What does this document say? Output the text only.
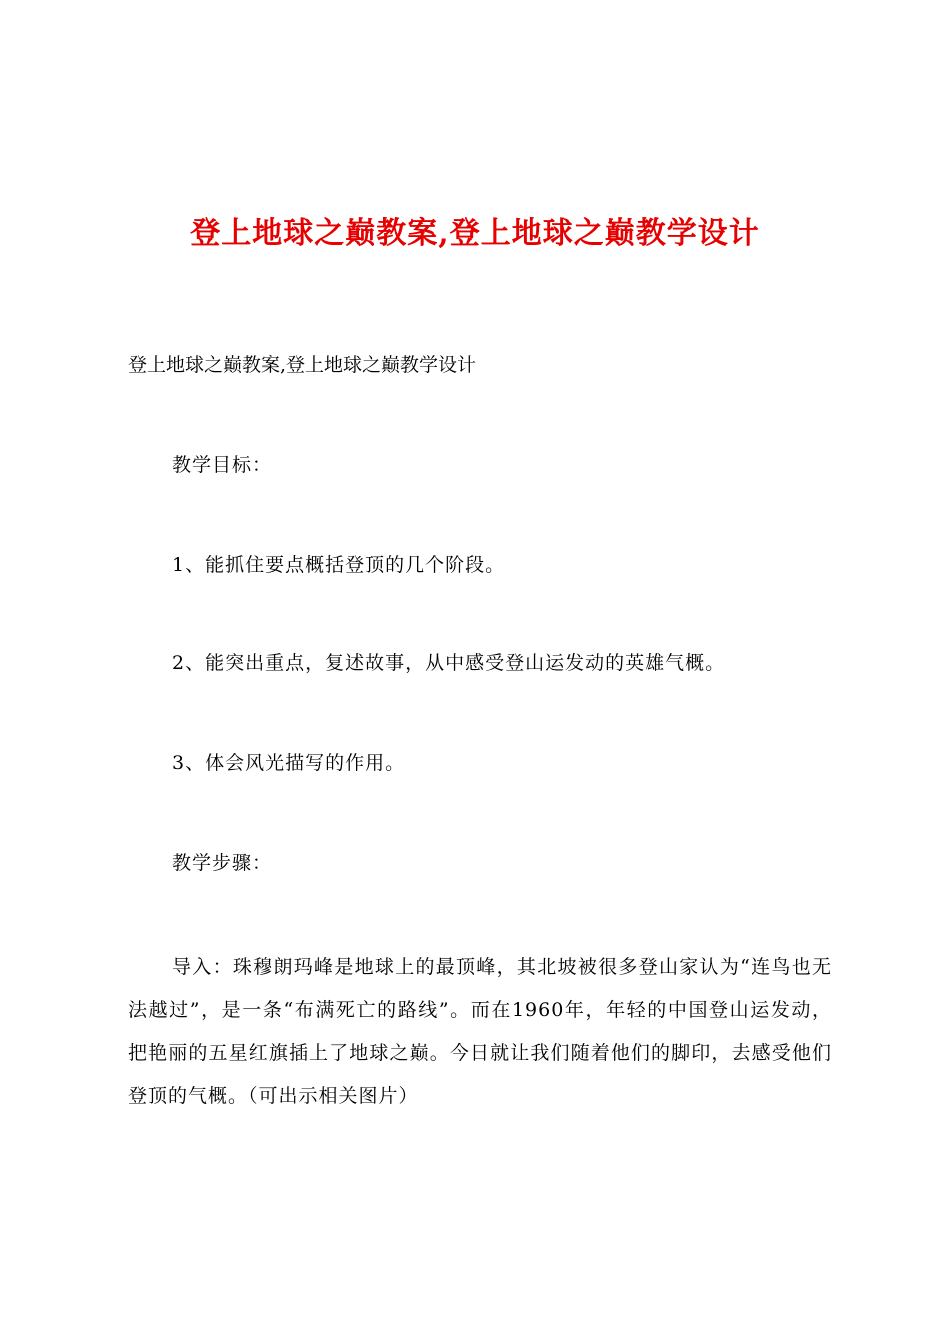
登上地球之巅教案,登上地球之巅教学设计

登上地球之巅教案,登上地球之巅教学设计

教学目标：

1、能抓住要点概括登顶的几个阶段。

2、能突出重点，复述故事，从中感受登山运发动的英雄气概。

3、体会风光描写的作用。

教学步骤：

导入：珠穆朗玛峰是地球上的最顶峰，其北坡被很多登山家认为“连鸟也无法越过”，是一条“布满死亡的路线”。而在1960年，年轻的中国登山运发动，把艳丽的五星红旗插上了地球之巅。今日就让我们随着他们的脚印，去感受他们登顶的气概。（可出示相关图片）
